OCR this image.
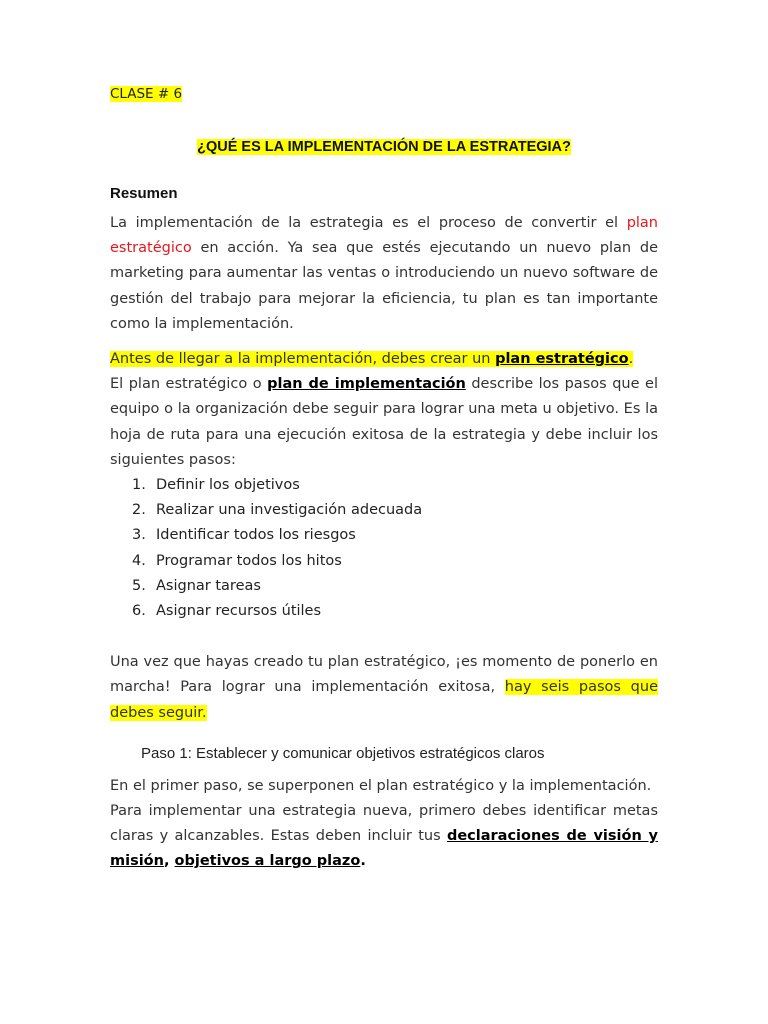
CLASE # 6

¿QUÉ ES LA IMPLEMENTACIÓN DE LA ESTRATEGIA?

Resumen

La implementación de la estrategia es el proceso de convertir el plan estratégico en acción. Ya sea que estés ejecutando un nuevo plan de marketing para aumentar las ventas o introduciendo un nuevo software de gestión del trabajo para mejorar la eficiencia, tu plan es tan importante como la implementación.

Antes de llegar a la implementación, debes crear un plan estratégico.

El plan estratégico o plan de implementación describe los pasos que el equipo o la organización debe seguir para lograr una meta u objetivo. Es la hoja de ruta para una ejecución exitosa de la estrategia y debe incluir los siguientes pasos:

1. Definir los objetivos
2. Realizar una investigación adecuada
3. Identificar todos los riesgos
4. Programar todos los hitos
5. Asignar tareas
6. Asignar recursos útiles

Una vez que hayas creado tu plan estratégico, ¡es momento de ponerlo en marcha! Para lograr una implementación exitosa, hay seis pasos que debes seguir.

Paso 1: Establecer y comunicar objetivos estratégicos claros

En el primer paso, se superponen el plan estratégico y la implementación.
Para implementar una estrategia nueva, primero debes identificar metas claras y alcanzables. Estas deben incluir tus declaraciones de visión y misión, objetivos a largo plazo.
